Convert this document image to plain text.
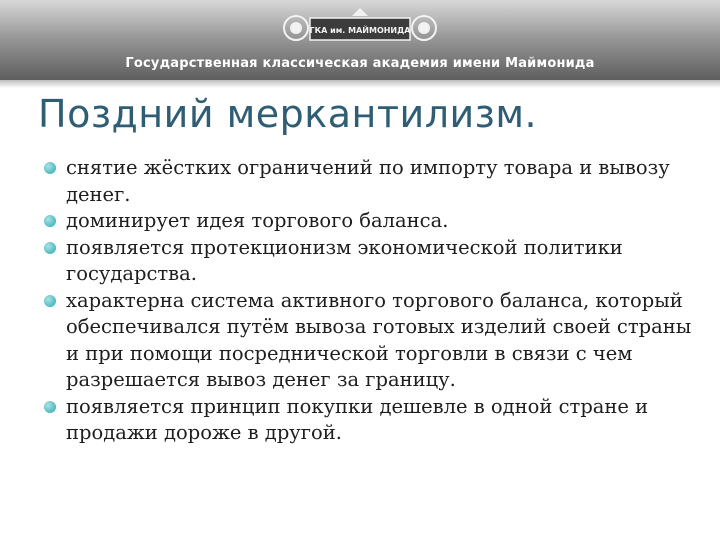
ГКА им. МАЙМОНИДА
Государственная классическая академия имени Маймонида
Поздний меркантилизм.
снятие жёстких ограничений по импорту товара и вывозу денег.
доминирует идея торгового баланса.
появляется протекционизм экономической политики государства.
характерна система активного торгового баланса, который обеспечивался путём вывоза готовых изделий своей страны и при помощи посреднической торговли в связи с чем разрешается вывоз денег за границу.
появляется принцип покупки дешевле в одной стране и продажи дороже в другой.
